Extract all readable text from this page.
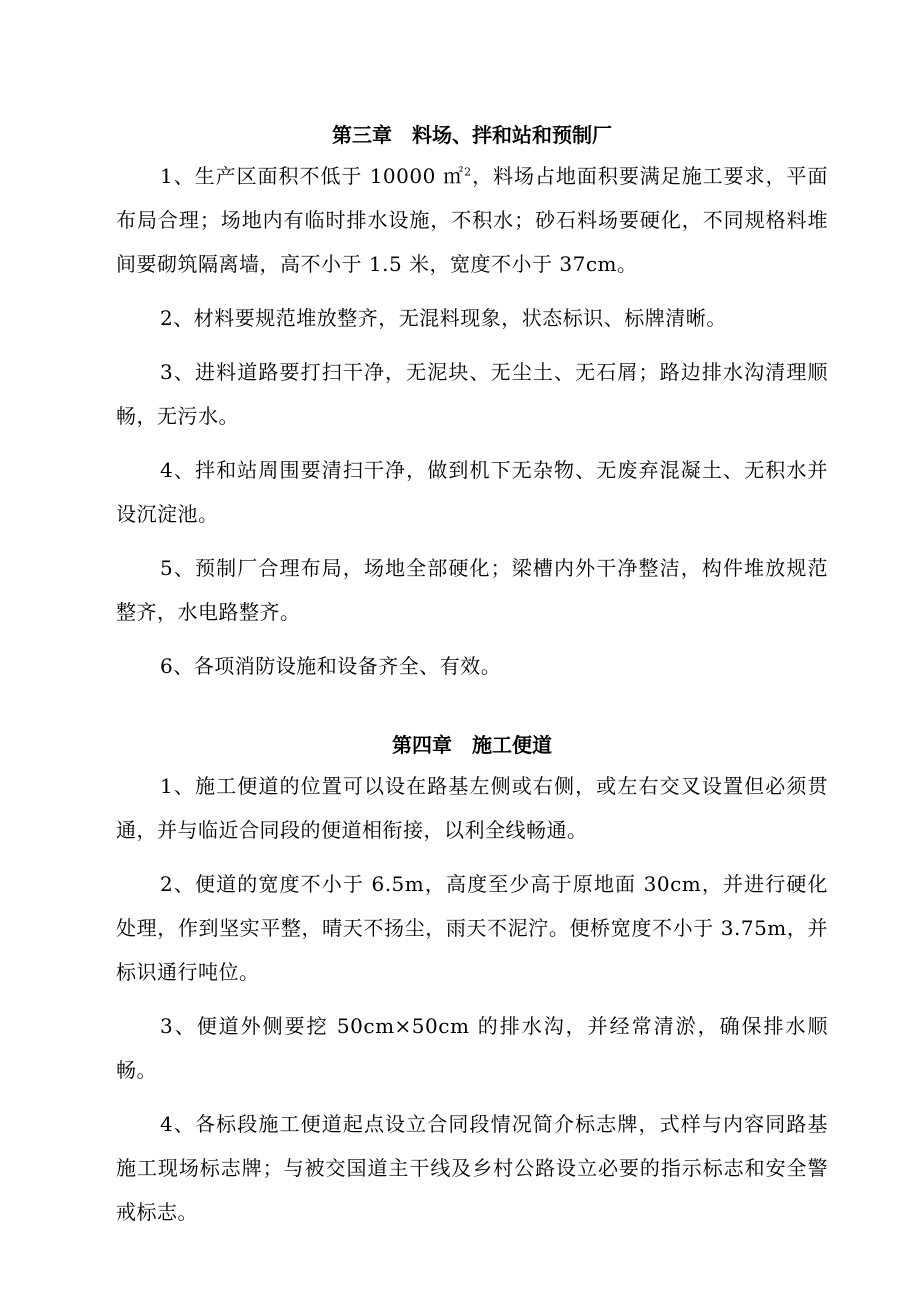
第三章　料场、拌和站和预制厂

1、生产区面积不低于 10000 ㎡$^2$，料场占地面积要满足施工要求，平面布局合理；场地内有临时排水设施，不积水；砂石料场要硬化，不同规格料堆间要砌筑隔离墙，高不小于 1.5 米，宽度不小于 37cm。

2、材料要规范堆放整齐，无混料现象，状态标识、标牌清晰。

3、进料道路要打扫干净，无泥块、无尘土、无石屑；路边排水沟清理顺畅，无污水。

4、拌和站周围要清扫干净，做到机下无杂物、无废弃混凝土、无积水并设沉淀池。

5、预制厂合理布局，场地全部硬化；梁槽内外干净整洁，构件堆放规范整齐，水电路整齐。

6、各项消防设施和设备齐全、有效。

第四章　施工便道

1、施工便道的位置可以设在路基左侧或右侧，或左右交叉设置但必须贯通，并与临近合同段的便道相衔接，以利全线畅通。

2、便道的宽度不小于 6.5m，高度至少高于原地面 30cm，并进行硬化处理，作到坚实平整，晴天不扬尘，雨天不泥泞。便桥宽度不小于 3.75m，并标识通行吨位。

3、便道外侧要挖 50cm×50cm 的排水沟，并经常清淤，确保排水顺畅。

4、各标段施工便道起点设立合同段情况简介标志牌，式样与内容同路基施工现场标志牌；与被交国道主干线及乡村公路设立必要的指示标志和安全警戒标志。
